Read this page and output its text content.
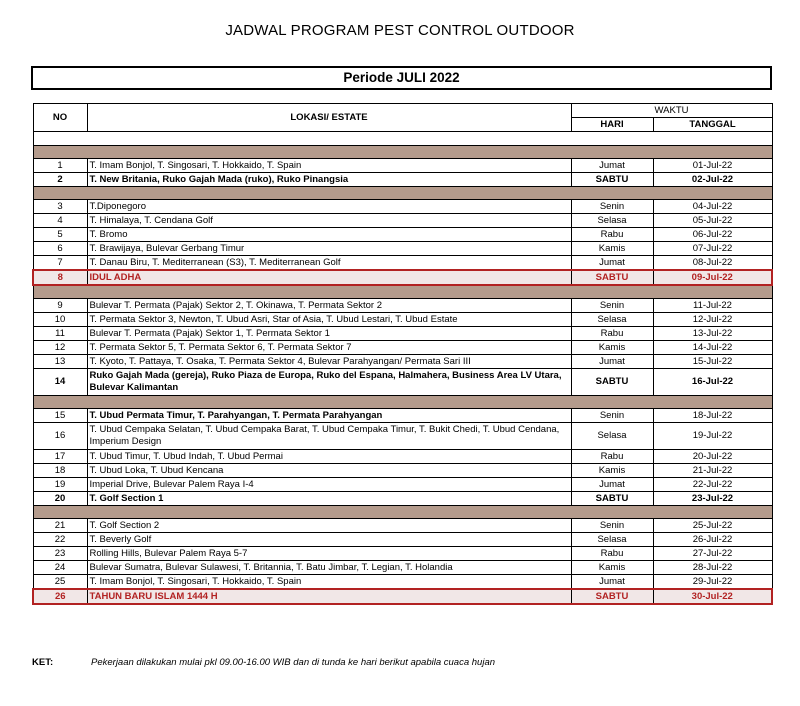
JADWAL PROGRAM PEST CONTROL OUTDOOR
Periode JULI 2022
NO	LOKASI/ ESTATE	WAKTU	
		HARI	TANGGAL

1	T. Imam Bonjol, T. Singosari, T. Hokkaido, T. Spain	Jumat	01-Jul-22
2	T. New Britania, Ruko Gajah Mada (ruko), Ruko Pinangsia	SABTU	02-Jul-22

3	T.Diponegoro	Senin	04-Jul-22
4	T. Himalaya, T. Cendana Golf	Selasa	05-Jul-22
5	T. Bromo	Rabu	06-Jul-22
6	T. Brawijaya, Bulevar Gerbang Timur	Kamis	07-Jul-22
7	T. Danau Biru, T. Mediterranean (S3), T. Mediterranean Golf	Jumat	08-Jul-22
8	IDUL ADHA	SABTU	09-Jul-22

9	Bulevar T. Permata (Pajak) Sektor 2, T. Okinawa, T. Permata Sektor 2	Senin	11-Jul-22
10	T. Permata Sektor 3, Newton, T. Ubud Asri, Star of Asia, T. Ubud Lestari, T. Ubud Estate	Selasa	12-Jul-22
11	Bulevar T. Permata (Pajak) Sektor 1, T. Permata Sektor 1	Rabu	13-Jul-22
12	T. Permata Sektor 5, T. Permata Sektor 6, T. Permata Sektor 7	Kamis	14-Jul-22
13	T. Kyoto, T. Pattaya, T. Osaka, T. Permata Sektor 4, Bulevar Parahyangan/ Permata Sari III	Jumat	15-Jul-22
14	Ruko Gajah Mada (gereja), Ruko Piaza de Europa, Ruko del Espana, Halmahera, Business Area LV Utara, Bulevar Kalimantan	SABTU	16-Jul-22

15	T. Ubud Permata Timur, T. Parahyangan, T. Permata Parahyangan	Senin	18-Jul-22
16	T. Ubud Cempaka Selatan, T. Ubud Cempaka Barat, T. Ubud Cempaka Timur, T. Bukit Chedi, T. Ubud Cendana, Imperium Design	Selasa	19-Jul-22
17	T. Ubud Timur, T. Ubud Indah, T. Ubud Permai	Rabu	20-Jul-22
18	T. Ubud Loka, T. Ubud Kencana	Kamis	21-Jul-22
19	Imperial Drive, Bulevar Palem Raya I-4	Jumat	22-Jul-22
20	T. Golf Section 1	SABTU	23-Jul-22

21	T. Golf Section 2	Senin	25-Jul-22
22	T. Beverly Golf	Selasa	26-Jul-22
23	Rolling Hills, Bulevar Palem Raya 5-7	Rabu	27-Jul-22
24	Bulevar Sumatra, Bulevar Sulawesi, T. Britannia, T. Batu Jimbar, T. Legian, T. Holandia	Kamis	28-Jul-22
25	T. Imam Bonjol, T. Singosari, T. Hokkaido, T. Spain	Jumat	29-Jul-22
26	TAHUN BARU ISLAM 1444 H	SABTU	30-Jul-22
KET:	Pekerjaan dilakukan mulai pkl 09.00-16.00 WIB dan di tunda ke hari berikut apabila cuaca hujan
